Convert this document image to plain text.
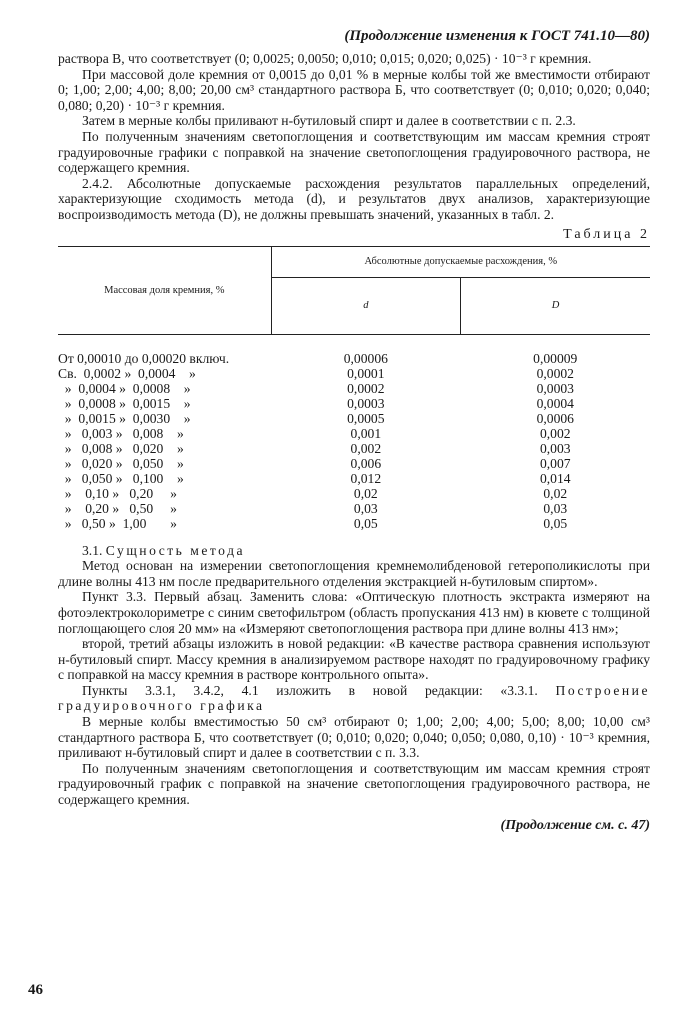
(Продолжение изменения к ГОСТ 741.10—80)

раствора В, что соответствует (0; 0,0025; 0,0050; 0,010; 0,015; 0,020; 0,025) · 10⁻³ г кремния.

При массовой доле кремния от 0,0015 до 0,01 % в мерные колбы той же вместимости отбирают 0; 1,00; 2,00; 4,00; 8,00; 20,00 см³ стандартного раствора Б, что соответствует (0; 0,010; 0,020; 0,040; 0,080; 0,20) · 10⁻³ г кремния.

Затем в мерные колбы приливают н-бутиловый спирт и далее в соответствии с п. 2.3.

По полученным значениям светопоглощения и соответствующим им массам кремния строят градуировочные графики с поправкой на значение светопоглощения градуировочного раствора, не содержащего кремния.

2.4.2. Абсолютные допускаемые расхождения результатов параллельных определений, характеризующие сходимость метода (d), и результатов двух анализов, характеризующие воспроизводимость метода (D), не должны превышать значений, указанных в табл. 2.

Таблица 2
Массовая доля кремния, %	Абсолютные допускаемые расхождения, %	
	d	D
От 0,00010 до 0,00020 включ.	0,00006	0,00009
Св.  0,0002 »  0,0004    »	0,0001	0,0002
»  0,0004 »  0,0008    »	0,0002	0,0003
»  0,0008 »  0,0015    »	0,0003	0,0004
»  0,0015 »  0,0030    »	0,0005	0,0006
»   0,003 »   0,008    »	0,001	0,002
»   0,008 »   0,020    »	0,002	0,003
»   0,020 »   0,050    »	0,006	0,007
»   0,050 »   0,100    »	0,012	0,014
»    0,10 »   0,20     »	0,02	0,02
»    0,20 »   0,50     »	0,03	0,03
»   0,50 »  1,00       »	0,05	0,05

3.1. Сущность метода

Метод основан на измерении светопоглощения кремнемолибденовой гетерополикислоты при длине волны 413 нм после предварительного отделения экстракцией н-бутиловым спиртом».

Пункт 3.3. Первый абзац. Заменить слова: «Оптическую плотность экстракта измеряют на фотоэлектроколориметре с синим светофильтром (область пропускания 413 нм) в кювете с толщиной поглощающего слоя 20 мм» на «Измеряют светопоглощения раствора при длине волны 413 нм»;

второй, третий абзацы изложить в новой редакции: «В качестве раствора сравнения используют н-бутиловый спирт. Массу кремния в анализируемом растворе находят по градуировочному графику с поправкой на массу кремния в растворе контрольного опыта».

Пункты 3.3.1, 3.4.2, 4.1 изложить в новой редакции: «3.3.1. Построение градуировочного графика

В мерные колбы вместимостью 50 см³ отбирают 0; 1,00; 2,00; 4,00; 5,00; 8,00; 10,00 см³ стандартного раствора Б, что соответствует (0; 0,010; 0,020; 0,040; 0,050; 0,080, 0,10) · 10⁻³ кремния, приливают н-бутиловый спирт и далее в соответствии с п. 3.3.

По полученным значениям светопоглощения и соответствующим им массам кремния строят градуировочный график с поправкой на значение светопоглощения градуировочного раствора, не содержащего кремния.

(Продолжение см. с. 47)
46
